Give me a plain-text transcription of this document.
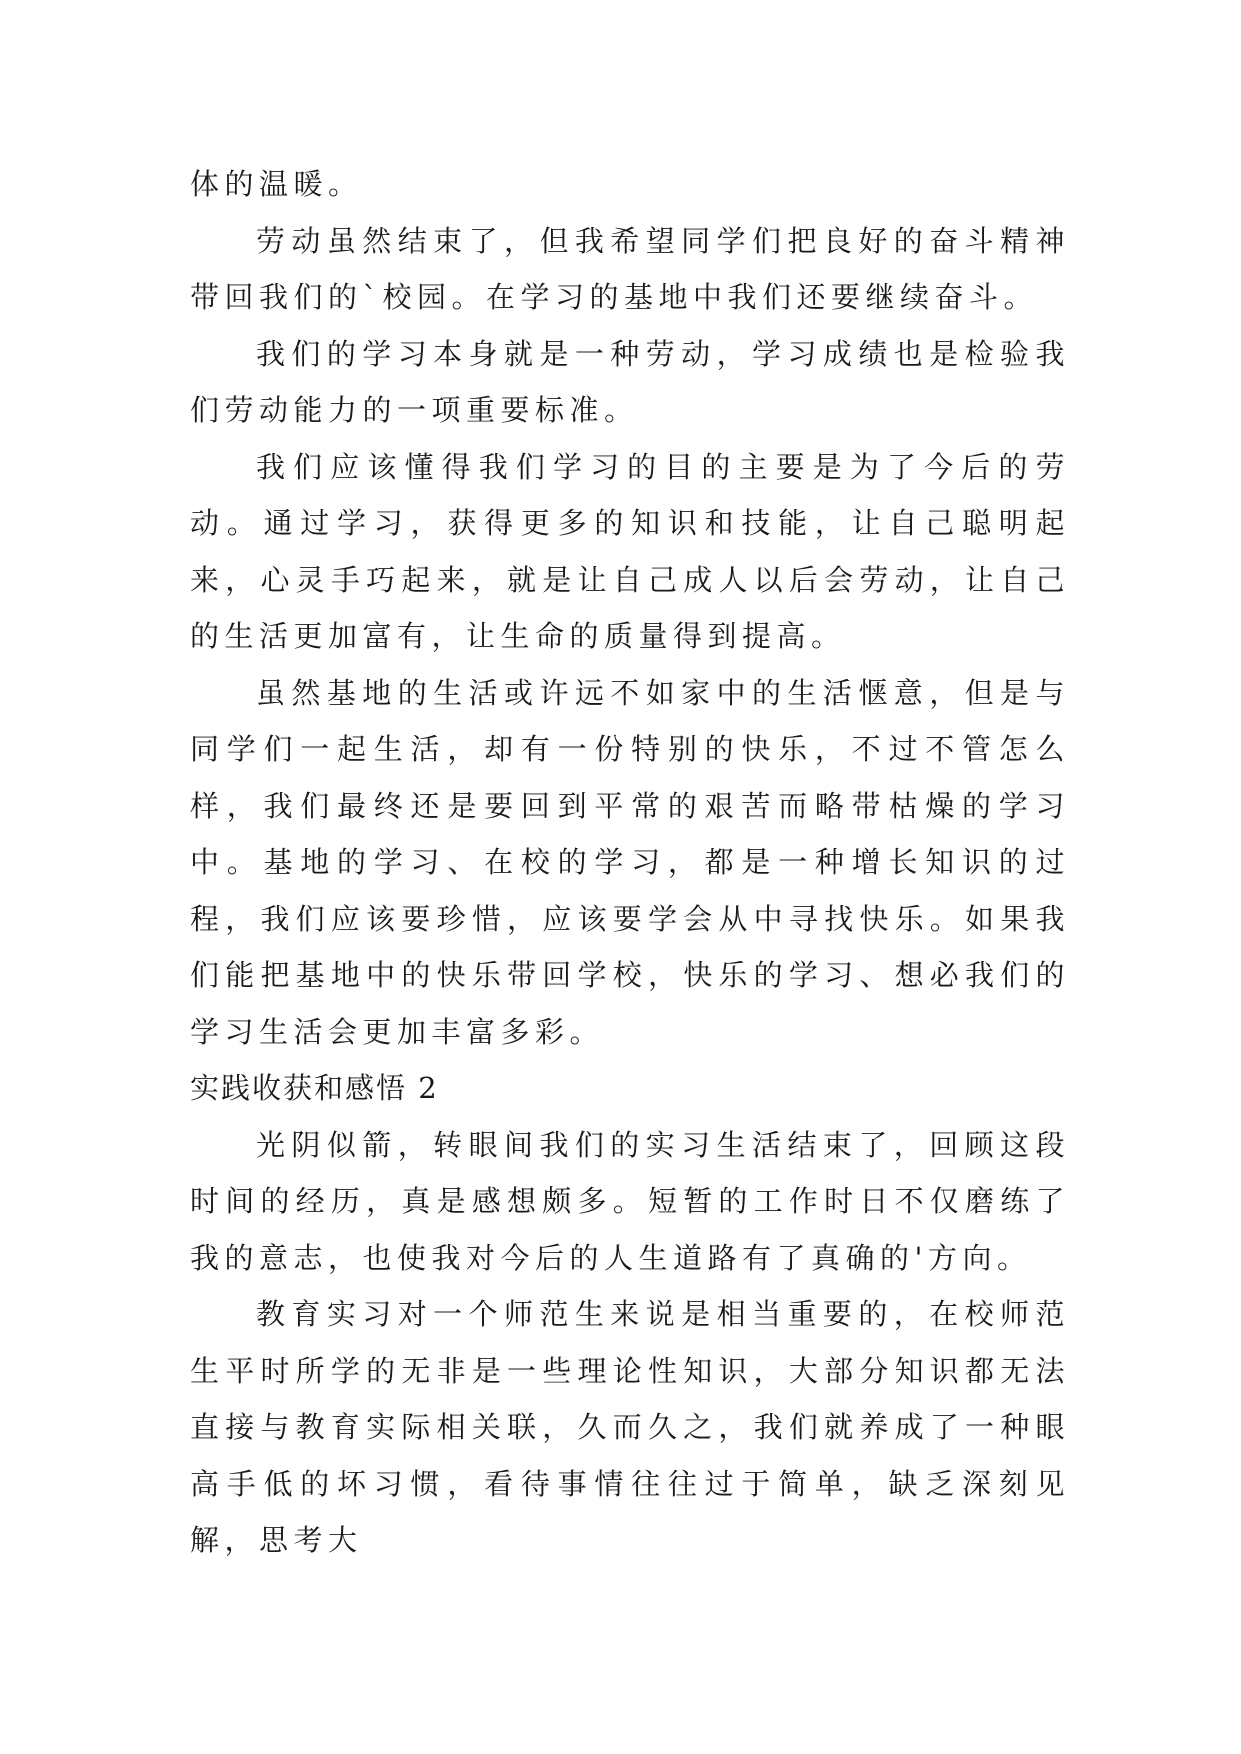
体的温暖。

劳动虽然结束了，但我希望同学们把良好的奋斗精神带回我们的`校园。在学习的基地中我们还要继续奋斗。

我们的学习本身就是一种劳动，学习成绩也是检验我们劳动能力的一项重要标准。

我们应该懂得我们学习的目的主要是为了今后的劳动。通过学习，获得更多的知识和技能，让自己聪明起来，心灵手巧起来，就是让自己成人以后会劳动，让自己的生活更加富有，让生命的质量得到提高。

虽然基地的生活或许远不如家中的生活惬意，但是与同学们一起生活，却有一份特别的快乐，不过不管怎么样，我们最终还是要回到平常的艰苦而略带枯燥的学习中。基地的学习、在校的学习，都是一种增长知识的过程，我们应该要珍惜，应该要学会从中寻找快乐。如果我们能把基地中的快乐带回学校，快乐的学习、想必我们的学习生活会更加丰富多彩。

实践收获和感悟 2

光阴似箭，转眼间我们的实习生活结束了，回顾这段时间的经历，真是感想颇多。短暂的工作时日不仅磨练了我的意志，也使我对今后的人生道路有了真确的'方向。

教育实习对一个师范生来说是相当重要的，在校师范生平时所学的无非是一些理论性知识，大部分知识都无法直接与教育实际相关联，久而久之，我们就养成了一种眼高手低的坏习惯，看待事情往往过于简单，缺乏深刻见解，思考大
